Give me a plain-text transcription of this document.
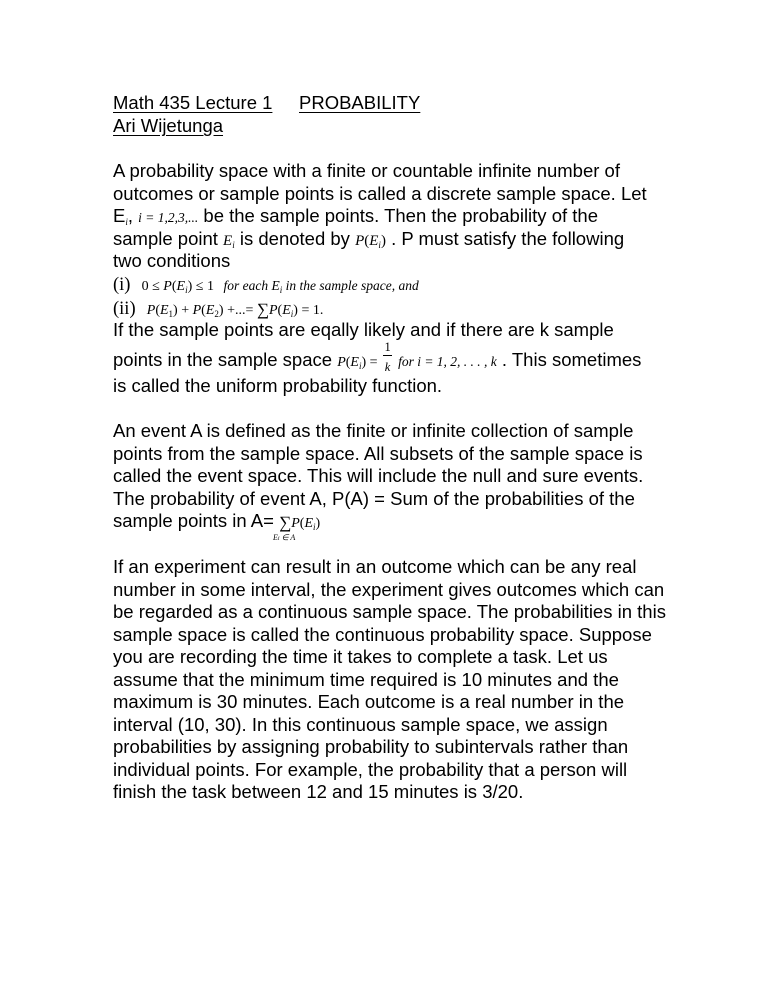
Math 435 Lecture 1 PROBABILITY
Ari Wijetunga
A probability space with a finite or countable infinite number of
outcomes or sample points is called a discrete sample space. Let
Ei, i = 1,2,3,... be the sample points. Then the probability of the
sample point Ei is denoted by P(Ei) . P must satisfy the following
two conditions
(i) 0 ≤ P(Ei) ≤ 1 for each Ei in the sample space, and
(ii) P(E1) + P(E2) +...= ∑P(Ei) = 1.
If the sample points are eqally likely and if there are k sample
points in the sample space $P(Ei) = \frac{1}{k}$ for i = 1, 2, . . . , k . This sometimes
is called the uniform probability function.
An event A is defined as the finite or infinite collection of sample
points from the sample space. All subsets of the sample space is
called the event space. This will include the null and sure events.
The probability of event A, P(A) = Sum of the probabilities of the
sample points in A= ∑P(Ei)
Ei ∈ A
If an experiment can result in an outcome which can be any real
number in some interval, the experiment gives outcomes which can
be regarded as a continuous sample space. The probabilities in this
sample space is called the continuous probability space. Suppose
you are recording the time it takes to complete a task. Let us
assume that the minimum time required is 10 minutes and the
maximum is 30 minutes. Each outcome is a real number in the
interval (10, 30). In this continuous sample space, we assign
probabilities by assigning probability to subintervals rather than
individual points. For example, the probability that a person will
finish the task between 12 and 15 minutes is 3/20.
